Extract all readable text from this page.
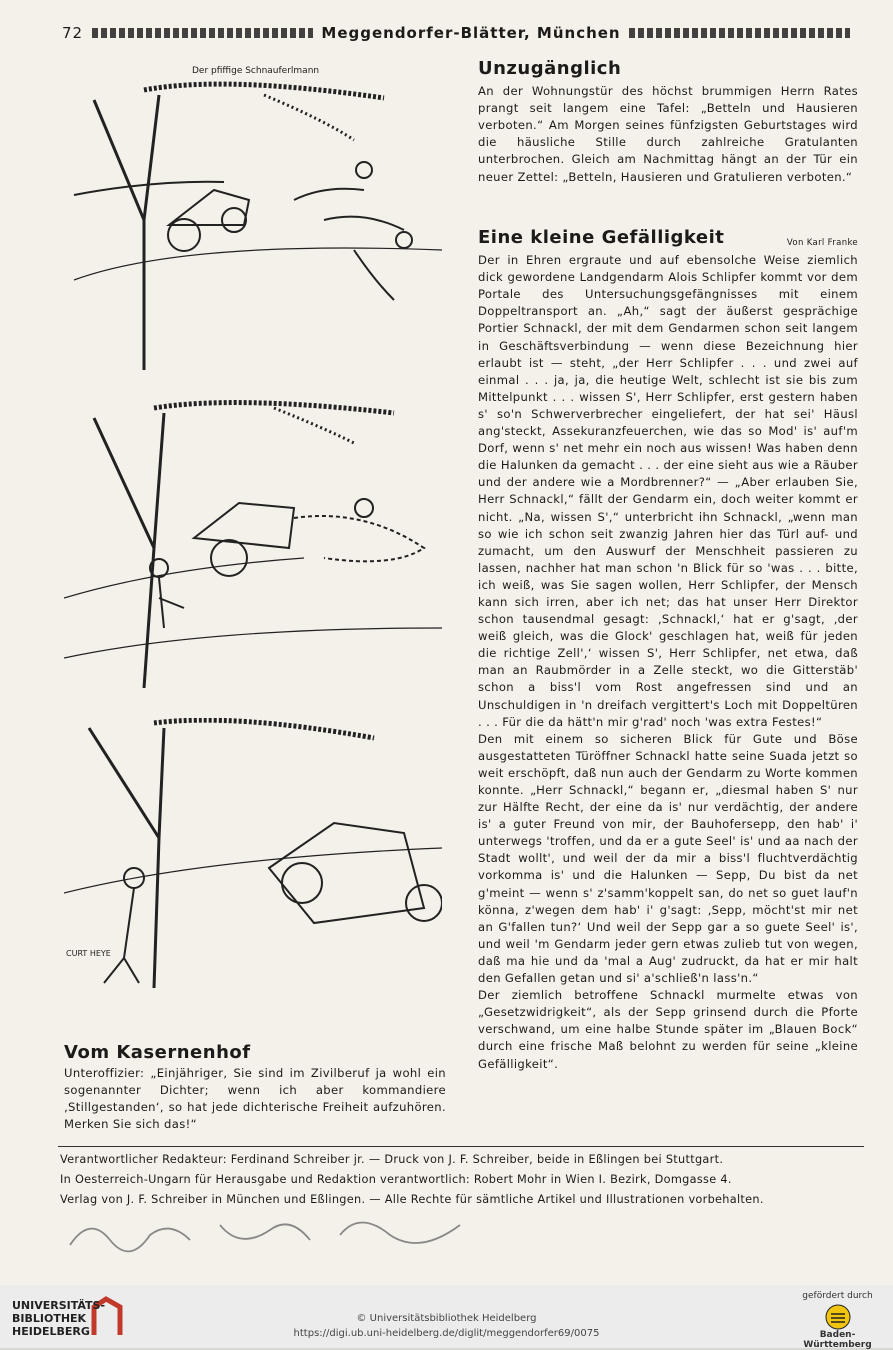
72	Meggendorfer-Blätter, München
Der pfiffige Schnauferlmann
CURT HEYE
Unzugänglich

An der Wohnungstür des höchst brummigen Herrn Rates prangt seit langem eine Tafel: „Betteln und Hausieren verboten.“ Am Morgen seines fünfzigsten Geburtstages wird die häusliche Stille durch zahlreiche Gratulanten unterbrochen. Gleich am Nachmittag hängt an der Tür ein neuer Zettel: „Betteln, Hausieren und Gratulieren verboten.“

Eine kleine Gefälligkeit	Von Karl Franke

Der in Ehren ergraute und auf ebensolche Weise ziemlich dick gewordene Landgendarm Alois Schlipfer kommt vor dem Portale des Untersuchungsgefängnisses mit einem Doppeltransport an. „Ah,“ sagt der äußerst gesprächige Portier Schnackl, der mit dem Gendarmen schon seit langem in Geschäftsverbindung — wenn diese Bezeichnung hier erlaubt ist — steht, „der Herr Schlipfer . . . und zwei auf einmal . . . ja, ja, die heutige Welt, schlecht ist sie bis zum Mittelpunkt . . . wissen S', Herr Schlipfer, erst gestern haben s' so'n Schwerverbrecher eingeliefert, der hat sei' Häusl ang'steckt, Assekuranzfeuerchen, wie das so Mod' is' auf'm Dorf, wenn s' net mehr ein noch aus wissen! Was haben denn die Halunken da gemacht . . . der eine sieht aus wie a Räuber und der andere wie a Mordbrenner?“ — „Aber erlauben Sie, Herr Schnackl,“ fällt der Gendarm ein, doch weiter kommt er nicht. „Na, wissen S',“ unterbricht ihn Schnackl, „wenn man so wie ich schon seit zwanzig Jahren hier das Türl auf- und zumacht, um den Auswurf der Menschheit passieren zu lassen, nachher hat man schon 'n Blick für so 'was . . . bitte, ich weiß, was Sie sagen wollen, Herr Schlipfer, der Mensch kann sich irren, aber ich net; das hat unser Herr Direktor schon tausendmal gesagt: ‚Schnackl,‘ hat er g'sagt, ‚der weiß gleich, was die Glock' geschlagen hat, weiß für jeden die richtige Zell',‘ wissen S', Herr Schlipfer, net etwa, daß man an Raubmörder in a Zelle steckt, wo die Gitterstäb' schon a biss'l vom Rost angefressen sind und an Unschuldigen in 'n dreifach vergittert's Loch mit Doppeltüren . . . Für die da hätt'n mir g'rad' noch 'was extra Festes!“

Den mit einem so sicheren Blick für Gute und Böse ausgestatteten Türöffner Schnackl hatte seine Suada jetzt so weit erschöpft, daß nun auch der Gendarm zu Worte kommen konnte. „Herr Schnackl,“ begann er, „diesmal haben S' nur zur Hälfte Recht, der eine da is' nur verdächtig, der andere is' a guter Freund von mir, der Bauhofersepp, den hab' i' unterwegs 'troffen, und da er a gute Seel' is' und aa nach der Stadt wollt', und weil der da mir a biss'l fluchtverdächtig vorkomma is' und die Halunken — Sepp, Du bist da net g'meint — wenn s' z'samm'koppelt san, do net so guet lauf'n könna, z'wegen dem hab' i' g'sagt: ‚Sepp, möcht'st mir net an G'fallen tun?‘ Und weil der Sepp gar a so guete Seel' is', und weil 'm Gendarm jeder gern etwas zulieb tut von wegen, daß ma hie und da 'mal a Aug' zudruckt, da hat er mir halt den Gefallen getan und si' a'schließ'n lass'n.“

Der ziemlich betroffene Schnackl murmelte etwas von „Gesetzwidrigkeit“, als der Sepp grinsend durch die Pforte verschwand, um eine halbe Stunde später im „Blauen Bock“ durch eine frische Maß belohnt zu werden für seine „kleine Gefälligkeit“.

Vom Kasernenhof

Unteroffizier: „Einjähriger, Sie sind im Zivilberuf ja wohl ein sogenannter Dichter; wenn ich aber kommandiere ‚Stillgestanden‘, so hat jede dichterische Freiheit aufzuhören. Merken Sie sich das!“

Verantwortlicher Redakteur: Ferdinand Schreiber jr. — Druck von J. F. Schreiber, beide in Eßlingen bei Stuttgart.
In Oesterreich-Ungarn für Herausgabe und Redaktion verantwortlich: Robert Mohr in Wien I. Bezirk, Domgasse 4.
Verlag von J. F. Schreiber in München und Eßlingen. — Alle Rechte für sämtliche Artikel und Illustrationen vorbehalten.
UNIVERSITÄTS-
BIBLIOTHEK
HEIDELBERG
© Universitätsbibliothek Heidelberg
https://digi.ub.uni-heidelberg.de/diglit/meggendorfer69/0075
gefördert durch
Baden-Württemberg
